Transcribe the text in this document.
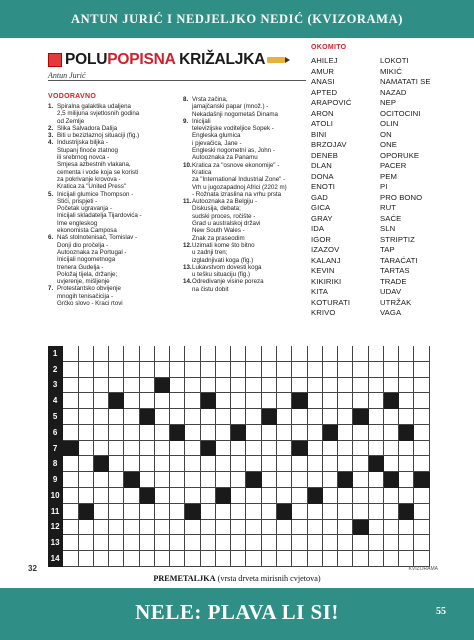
ANTUN JURIĆ I NEDJELJKO NEDIĆ (KVIZORAMA)
POLUPOPISNA KRIŽALJKA
Antun Jurić
VODORAVNO
1. Spiralna galaktika udaljena
2,5 milijuna svjetlosnih godina
od Zemlje
2. Slika Salvadora Dalija
3. Biti u bezizlaznoj situaciji (fig.)
4. Industrijska biljka -
Stupanj finoće zlatnog
ili srebrnog novca -
Smjesa azbestnih vlakana,
cementa i vode koja se koristi
za pokrivanje krovova -
Kratica za "United Press"
5. Inicijali glumice Thompson -
Stići, prispjeti -
Početak ugravanja -
Inicijali skladatelja Tijardovića -
Ime engleskog
ekonomista Camposa
6. Naš stolnotenisač, Tomislav -
Donji dio pročelja -
Autooznaka za Portugal -
Inicijali nogometnoga
trenera Gudelja -
Položaj tijela, držanje;
uvjerenje, mišljenje
7. Protestantsko obvijenje
mnogih tenisačicija -
Grčko slovo - Kraci rtovi
8. Vrsta začina,
jamajčanski papar (množ.) -
Nekadašnji nogometaš Dinama
9. Inicijali
televizijske voditeljice Sopek -
Engleska glumica
i pjevačica, Jane -
Engleski nogometni as, John -
Autooznaka za Panamu
10. Kratica za "osnove ekonomije" -
Kratica
za "International Industrial Zone" -
Vrh u jugozapadnoj Africi (2202 m)
- Rožnata izraslina na vrhu prsta
11. Autooznaka za Belgiju -
Diskusija, debata;
sudski proces, ročište -
Grad u australskoj državi
New South Wales -
Znak za praseodim
12. Uzimati kome što bitno
u zadnji tren;
izgladnjivati koga (fig.)
13. Lukavstvom dovesti koga
u tešku situaciju (fig.)
14. Odredivanje visine poreza
na čistu dobit
OKOMITO
AHILEJ
AMUR
ANASI
APTED
ARAPOVIĆ
ARON
ATOLI
BINI
BRZOJAV
DENEB
DLAN
DONA
ENOTI
GAD
GICA
GRAY
IDA
IGOR
IZAZOV
KALANJ
KEVIN
KIKIRIKI
KITA
KOTURATI
KRIVO
LOKOTI
MIKIĆ
NAMATATI SE
NAZAD
NEP
OCITOCINI
OLIN
ON
ONE
OPORUKE
PACER
PEM
PI
PRO BONO
RUT
SAĆE
SLN
STRIPTIZ
TAP
TARAĆATI
TARTAS
TRADE
UDAV
UTRŽAK
VAGA
1
2
3
4
5
6
7
8
9
10
11
12
13
14
32	KVIZORAMA
PREMETALJKA (vrsta drveta mirisnih cvjetova)
NELE: PLAVA LI SI!	55
